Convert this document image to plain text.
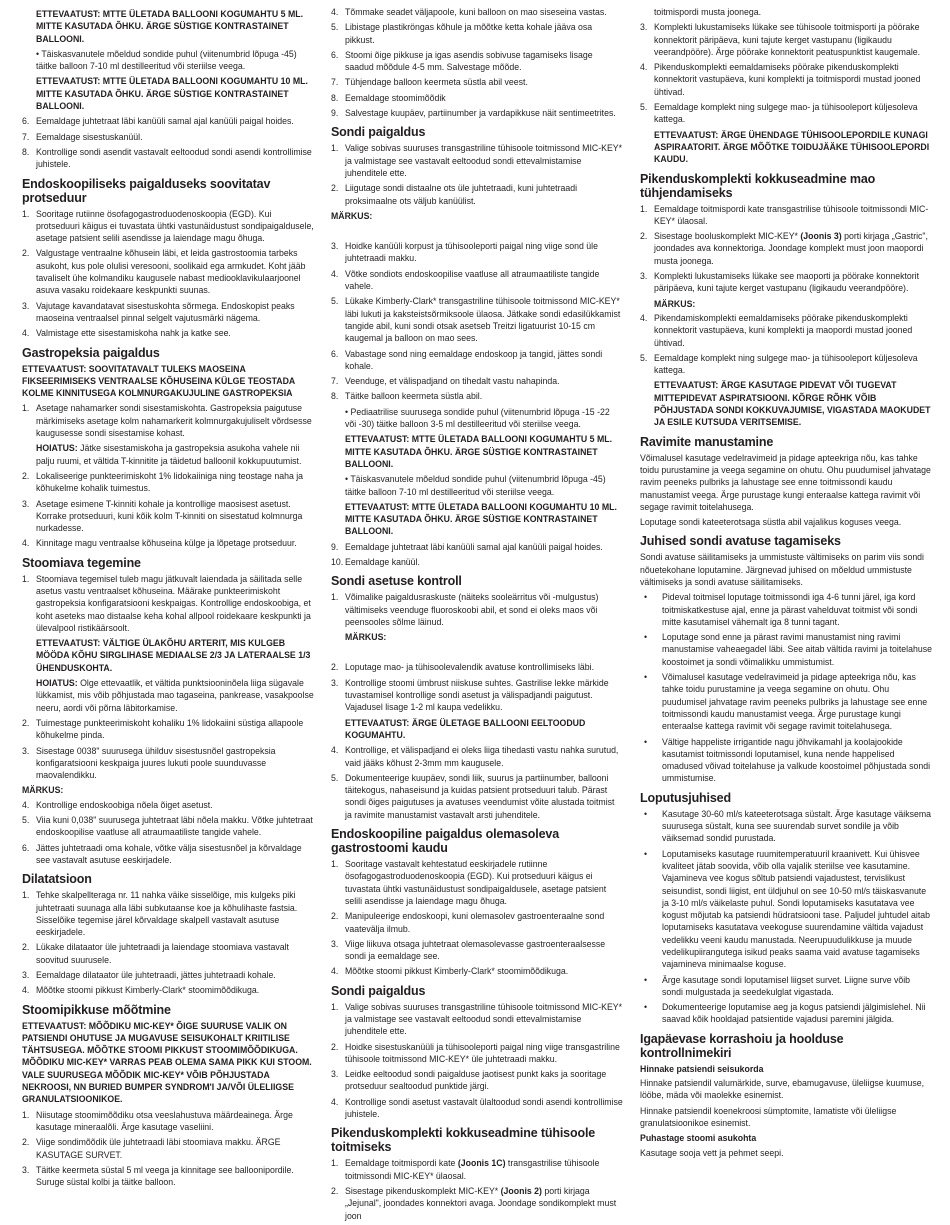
ETTEVAATUST: MTTE ÜLETADA BALLOONI KOGUMAHTU 5 ML. MITTE KASUTADA ÕHKU. ÄRGE SÜSTIGE KONTRASTAINET BALLOONI.
• Täiskasvanutele mõeldud sondide puhul (viitenumbrid lõpuga -45) täitke balloon 7-10 ml destilleeritud või steriilse veega.
ETTEVAATUST: MTTE ÜLETADA BALLOONI KOGUMAHTU 10 ML. MITTE KASUTADA ÕHKU. ÄRGE SÜSTIGE KONTRASTAINET BALLOONI.
6. Eemaldage juhtetraat läbi kanüüli samal ajal kanüüli paigal hoides.
7. Eemaldage sisestuskanüül.
8. Kontrollige sondi asendit vastavalt eeltoodud sondi asendi kontrollimise juhistele.
Endoskoopiliseks paigalduseks soovitatav protseduur
1. Sooritage rutiinne ösofagogastroduodenoskoopia (EGD). Kui protseduuri käigus ei tuvastata ühtki vastunäidustust sondipaigaldusele, asetage patsient selili asendisse ja laiendage magu õhuga.
2. Valgustage ventraalne kõhusein läbi, et leida gastrostoomia tarbeks asukoht, kus pole olulisi veresooni, soolikaid ega armkudet. Koht jääb tavaliselt ühe kolmandiku kaugusele nabast mediooklavikulaarjoonel asuva vasaku roidekaare keskpunkti suunas.
3. Vajutage kavandatavat sisestuskohta sõrmega. Endoskopist peaks maoseina ventraalsel pinnal selgelt vajutusmärki nägema.
4. Valmistage ette sisestamiskoha nahk ja katke see.
Gastropeksia paigaldus
ETTEVAATUST: SOOVITATAVALT TULEKS MAOSEINA FIKSEERIMISEKS VENTRAALSE KÕHUSEINA KÜLGE TEOSTADA KOLME KINNITUSEGA KOLMNURGAKUJULINE GASTROPEKSIA
1. Asetage nahamarker sondi sisestamiskohta. Gastropeksia paigutuse märkimiseks asetage kolm nahamarkerit kolmnurgakujuliselt võrdsesse kaugusesse sondi sisestamise kohast.
HOIATUS: Jätke sisestamiskoha ja gastropeksia asukoha vahele nii palju ruumi, et vältida T-kinnitite ja täidetud balloonil kokkupuutumist.
2. Lokaliseerige punkteerimiskoht 1% lidokaiiniga ning teostage naha ja kõhukelme kohalik tuimestus.
3. Asetage esimene T-kinniti kohale ja kontrollige maosisest asetust. Korrake protseduuri, kuni kõik kolm T-kinniti on sisestatud kolmnurga nurkadesse.
4. Kinnitage magu ventraalse kõhuseina külge ja lõpetage protseduur.
Stoomiava tegemine
1. Stoomiava tegemisel tuleb magu jätkuvalt laiendada ja säilitada selle asetus vastu ventraalset kõhuseina. Määrake punkteerimiskoht gastropeksia konfigaratsiooni keskpaigas. Kontrollige endoskoobiga, et koht aseteks mao distaalse keha kohal allpool roidekaare keskpunkti ja ülevalpool ristikäärsoolt.
ETTEVAATUST: VÄLTIGE ÜLAKÕHU ARTERIT, MIS KULGEB MÖÖDA KÕHU SIRGLIHASE MEDIAALSE 2/3 JA LATERAALSE 1/3 ÜHENDUSKOHTA.
HOIATUS: Olge ettevaatlik, et vältida punktsiooninõela liiga sügavale lükkamist, mis võib põhjustada mao tagaseina, pankrease, vasakpoolse neeru, aordi või põrna läbitorkamise.
2. Tuimestage punkteerimiskoht kohaliku 1% lidokaiini süstiga allapoole kõhukelme pinda.
3. Sisestage 0038" suurusega ühilduv sisestusnõel gastropeksia konfigaratsiooni keskpaiga juures lukuti poole suunduvasse maovalendikku.
MÄRKUS:
4. Kontrollige endoskoobiga nõela õiget asetust.
5. Viia kuni 0,038" suurusega juhtetraat läbi nõela makku. Võtke juhtetraat endoskoopilise vaatluse all atraumaatiliste tangide vahele.
6. Jättes juhtetraadi oma kohale, võtke välja sisestusnõel ja kõrvaldage see vastavalt asutuse eeskirjadele.
Dilatatsioon
1. Tehke skalpellteraga nr. 11 nahka väike sisselõige, mis kulgeks piki juhtetraati suunaga alla läbi subkutaanse koe ja kõhulihaste fastsia. Sisselõike tegemise järel kõrvaldage skalpell vastavalt asutuse eeskirjadele.
2. Lükake dilataator üle juhtetraadi ja laiendage stoomiava vastavalt soovitud suurusele.
3. Eemaldage dilataator üle juhtetraadi, jättes juhtetraadi kohale.
4. Mõõtke stoomi pikkust Kimberly-Clark* stoomimõõdikuga.
Stoomipikkuse mõõtmine
ETTEVAATUST: MÕÕDIKU MIC-KEY* ÕIGE SUURUSE VALIK ON PATSIENDI OHUTUSE JA MUGAVUSE SEISUKOHALT KRIITILISE TÄHTSUSEGA. MÕÕTKE STOOMI PIKKUST STOOMIMÕÕDIKUGA. MÕÕDIKU MIC-KEY* VARRAS PEAB OLEMA SAMA PIKK KUI STOOM. VALE SUURUSEGA MÕÕDIK MIC-KEY* VÕIB PÕHJUSTADA NEKROOSI, NN BURIED BUMPER SYNDROM'I JA/VÕI ÜLELIIGSE GRANULATSIOONIKOE.
1. Niisutage stoomimõõdiku otsa veeslahustuva määrdeainega. Ärge kasutage mineraalõli. Ärge kasutage vaseliini.
2. Viige sondimõõdik üle juhtetraadi läbi stoomiava makku. ÄRGE KASUTAGE SURVET.
3. Täitke keermeta süstal 5 ml veega ja kinnitage see balloonipordile. Suruge süstal kolbi ja täitke balloon.
4. Tõmmake seadet väljapoole, kuni balloon on mao siseseina vastas.
5. Libistage plastikröngas kõhule ja mõõtke ketta kohale jääva osa pikkust.
6. Stoomi õige pikkuse ja igas asendis sobivuse tagamiseks lisage saadud mõõdule 4-5 mm. Salvestage mõõde.
7. Tühjendage balloon keermeta süstla abil veest.
8. Eemaldage stoomimõõdik
9. Salvestage kuupäev, partiinumber ja vardapikkuse näit sentimeetrites.
Sondi paigaldus
1. Valige sobivas suuruses transgastriline tühisoole toitmissond MIC-KEY* ja valmistage see vastavalt eeltoodud sondi ettevalmistamise juhenditele ette.
2. Liigutage sondi distaalne ots üle juhtetraadi, kuni juhtetraadi proksimaalne ots väljub kanüülist.
MÄRKUS:
3. Hoidke kanüüli korpust ja tühisooleporti paigal ning viige sond üle juhtetraadi makku.
4. Võtke sondiots endoskoopilise vaatluse all atraumaatiliste tangide vahele.
5. Lükake Kimberly-Clark* transgastriline tühisoole toitmissond MIC-KEY* läbi lukuti ja kaksteistsõrmiksoole ülaosa. Jätkake sondi edasilükkamist tangide abil, kuni sondi otsak asetseb Treitzi ligatuurist 10-15 cm kaugemal ja balloon on mao sees.
6. Vabastage sond ning eemaldage endoskoop ja tangid, jättes sondi kohale.
7. Veenduge, et välispadjand on tihedalt vastu nahapinda.
8. Täitke balloon keermeta süstla abil.
• Pediaatrilise suurusega sondide puhul (viitenumbrid lõpuga -15 -22 või -30) täitke balloon 3-5 ml destilleeritud või steriilse veega.
ETTEVAATUST: MTTE ÜLETADA BALLOONI KOGUMAHTU 5 ML. MITTE KASUTADA ÕHKU. ÄRGE SÜSTIGE KONTRASTAINET BALLOONI.
• Täiskasvanutele mõeldud sondide puhul (viitenumbrid lõpuga -45) täitke balloon 7-10 ml destilleeritud või steriilse veega.
ETTEVAATUST: MTTE ÜLETADA BALLOONI KOGUMAHTU 10 ML. MITTE KASUTADA ÕHKU. ÄRGE SÜSTIGE KONTRASTAINET BALLOONI.
9. Eemaldage juhtetraat läbi kanüüli samal ajal kanüüli paigal hoides.
10. Eemaldage kanüül.
Sondi asetuse kontroll
1. Võimalike paigaldusraskuste (näiteks sooleärritus või -mulgustus) vältimiseks veenduge fluoroskoobi abil, et sond ei oleks maos või peensooles sõlme läinud.
MÄRKUS:
2. Loputage mao- ja tühisoolevalendik avatuse kontrollimiseks läbi.
3. Kontrollige stoomi ümbrust niiskuse suhtes. Gastrilise lekke märkide tuvastamisel kontrollige sondi asetust ja välispadjandi paigutust. Vajadusel lisage 1-2 ml kaupa vedelikku.
ETTEVAATUST: ÄRGE ÜLETAGE BALLOONI EELTOODUD KOGUMAHTU.
4. Kontrollige, et välispadjand ei oleks liiga tihedasti vastu nahka surutud, vaid jääks kõhust 2-3mm mm kaugusele.
5. Dokumenteerige kuupäev, sondi liik, suurus ja partiinumber, ballooni täitekogus, nahaseisund ja kuidas patsient protseduuri talub. Pärast sondi õiges paigutuses ja avatuses veendumist võite alustada toitmist ja ravimite manustamist vastavalt arsti juhenditele.
Endoskoopiline paigaldus olemasoleva gastrostoomi kaudu
1. Sooritage vastavalt kehtestatud eeskirjadele rutiinne ösofagogastroduodenoskoopia (EGD). Kui protseduuri käigus ei tuvastata ühtki vastunäidustust sondipaigaldusele, asetage patsient selili asendisse ja laiendage magu õhuga.
2. Manipuleerige endoskoopi, kuni olemasolev gastroenteraalne sond vaatevälja ilmub.
3. Viige liikuva otsaga juhtetraat olemasolevasse gastroenteraalsesse sondi ja eemaldage see.
4. Mõõtke stoomi pikkust Kimberly-Clark* stoomimõõdikuga.
Sondi paigaldus
1. Valige sobivas suuruses transgastriline tühisoole toitmissond MIC-KEY* ja valmistage see vastavalt eeltoodud sondi ettevalmistamise juhenditele ette.
2. Hoidke sisestuskanüüli ja tühisooleporti paigal ning viige transgastriline tühisoole toitmissond MIC-KEY* üle juhtetraadi makku.
3. Leidke eeltoodud sondi paigalduse jaotisest punkt kaks ja sooritage protseduur sealtoodud punktide järgi.
4. Kontrollige sondi asetust vastavalt ülaltoodud sondi asendi kontrollimise juhistele.
Pikenduskomplekti kokkuseadmine tühisoole toitmiseks
1. Eemaldage toitmispordi kate (Joonis 1C) transgastrilise tühisoole toitmissondi MIC-KEY* ülaosal.
2. Sisestage pikenduskomplekt MIC-KEY* (Joonis 2) porti kirjaga „Jejunal", joondades konnektori avaga. Joondage sondikomplekt must joon
toitmispordi musta joonega.
3. Komplekti lukustamiseks lükake see tühisoole toitmisporti ja pöörake konnektorit päripäeva, kuni tajute kerget vastupanu (ligikaudu veerandpööre). Ärge pöörake konnektorit peatuspunktist kaugemale.
4. Pikenduskomplekti eemaldamiseks pöörake pikenduskomplekti konnektorit vastupäeva, kuni komplekti ja toitmispordi mustad jooned ühtivad.
5. Eemaldage komplekt ning sulgege mao- ja tühisooleport küljesoleva kattega.
ETTEVAATUST: ÄRGE ÜHENDAGE TÜHISOOLEPORDILE KUNAGI ASPIRAATORIT. ÄRGE MÕÕTKE TOIDUJÄÄKE TÜHISOOLEPORDI KAUDU.
Pikenduskomplekti kokkuseadmine mao tühjendamiseks
1. Eemaldage toitmispordi kate transgastrilise tühisoole toitmissondi MIC-KEY* ülaosal.
2. Sisestage booluskomplekt MIC-KEY* (Joonis 3) porti kirjaga „Gastric", joondades ava konnektoriga. Joondage komplekt must joon maopordi musta joonega.
3. Komplekti lukustamiseks lükake see maoporti ja pöörake konnektorit päripäeva, kuni tajute kerget vastupanu (ligikaudu veerandpööre).
MÄRKUS:
4. Pikendamiskomplekti eemaldamiseks pöörake pikenduskomplekti konnektorit vastupäeva, kuni komplekti ja maopordi mustad jooned ühtivad.
5. Eemaldage komplekt ning sulgege mao- ja tühisooleport küljesoleva kattega.
ETTEVAATUST: ÄRGE KASUTAGE PIDEVAT VÕI TUGEVAT MITTEPIDEVAT ASPIRATSIOONI. KÕRGE RÕHK VÕIB PÕHJUSTADA SONDI KOKKUVAJUMISE, VIGASTADA MAOKUDET JA ESILE KUTSUDA VERITSEMISE.
Ravimite manustamine
Võimalusel kasutage vedelravimeid ja pidage apteekriga nõu, kas tahke toidu purustamine ja veega segamine on ohutu. Ohu puudumisel jahvatage ravim peeneks pulbriks ja lahustage see enne toitmissondi kaudu manustamist veega. Ärge purustage kungi enteraalse kattega ravimit või segage ravimit toitelahusega.
Loputage sondi kateeterotsaga süstla abil vajalikus koguses veega.
Juhised sondi avatuse tagamiseks
Sondi avatuse säilitamiseks ja ummistuste vältimiseks on parim viis sondi nõuetekohane loputamine. Järgnevad juhised on mõeldud ummistuste vältimiseks ja sondi avatuse säilitamiseks.
•	Pideval toitmisel loputage toitmissondi iga 4-6 tunni järel, iga kord toitmiskatkestuse ajal, enne ja pärast vahelduvat toitmist või sondi mitte kasutamisel vähemalt iga 8 tunni tagant.
•	Loputage sond enne ja pärast ravimi manustamist ning ravimi manustamise vaheaegadel läbi. See aitab vältida ravimi ja toitelahuse koostoimet ja sondi võimalikku ummistumist.
•	Võimalusel kasutage vedelravimeid ja pidage apteekriga nõu, kas tahke toidu purustamine ja veega segamine on ohutu. Ohu puudumisel jahvatage ravim peeneks pulbriks ja lahustage see enne toitmissondi kaudu manustamist veega. Ärge purustage kungi enteraalse kattega ravimit või segage ravimit toitelahusega.
•	Vältige happeliste irrigantide nagu jõhvikamahl ja koolajookide kasutamist toitmissondi loputamisel, kuna nende happelised omadused võivad toitelahuse ja valkude koostoimel põhjustada sondi ummistumise.
Loputusjuhised
•	Kasutage 30-60 ml/s kateeterotsaga süstalt. Ärge kasutage väiksema suurusega süstalt, kuna see suurendab survet sondile ja võib väiksemad sondid purustada.
•	Loputamiseks kasutage ruumitemperatuuril kraanivett. Kui ühisvee kvaliteet jätab soovida, võib olla vajalik steriilse vee kasutamine. Vajamineva vee kogus sõltub patsiendi vajadustest, tervislikust seisundist, sondi liigist, ent üldjuhul on see 10-50 ml/s täiskasvanute ja 3-10 ml/s väikelaste puhul. Sondi loputamiseks kasutatava vee kogust mõjutab ka patsiendi hüdratsiooni tase. Paljudel juhtudel aitab loputamiseks kasutatava veekoguse suurendamine vältida vajadust vedelikku veeni kaudu manustada. Neerupuudulikkuse ja muude vedelikupiirangutega isikud peaks saama vaid avatuse tagamiseks vajaminevа minimaalse koguse.
•	Ärge kasutage sondi loputamisel liigset survet. Liigne surve võib sondi mulgustada ja seedekulglat vigastada.
•	Dokumenteerige loputamise aeg ja kogus patsiendi jälgimislehel. Nii saavad kõik hooldajad patsientide vajadusi paremini jälgida.
Igapäevase korrashoiu ja hoolduse kontrollnimekiri
Hinnake patsiendi seisukorda
Hinnake patsiendil valumärkide, surve, ebamugavuse, üleliigse kuumuse, lööbe, mäda või maolekke esinemist.
Hinnake patsiendil koenekroosi sümptomite, lamatiste või üleliigse granulatsioonikoe esinemist.
Puhastage stoomi asukohta
Kasutage sooja vett ja pehmet seepi.
